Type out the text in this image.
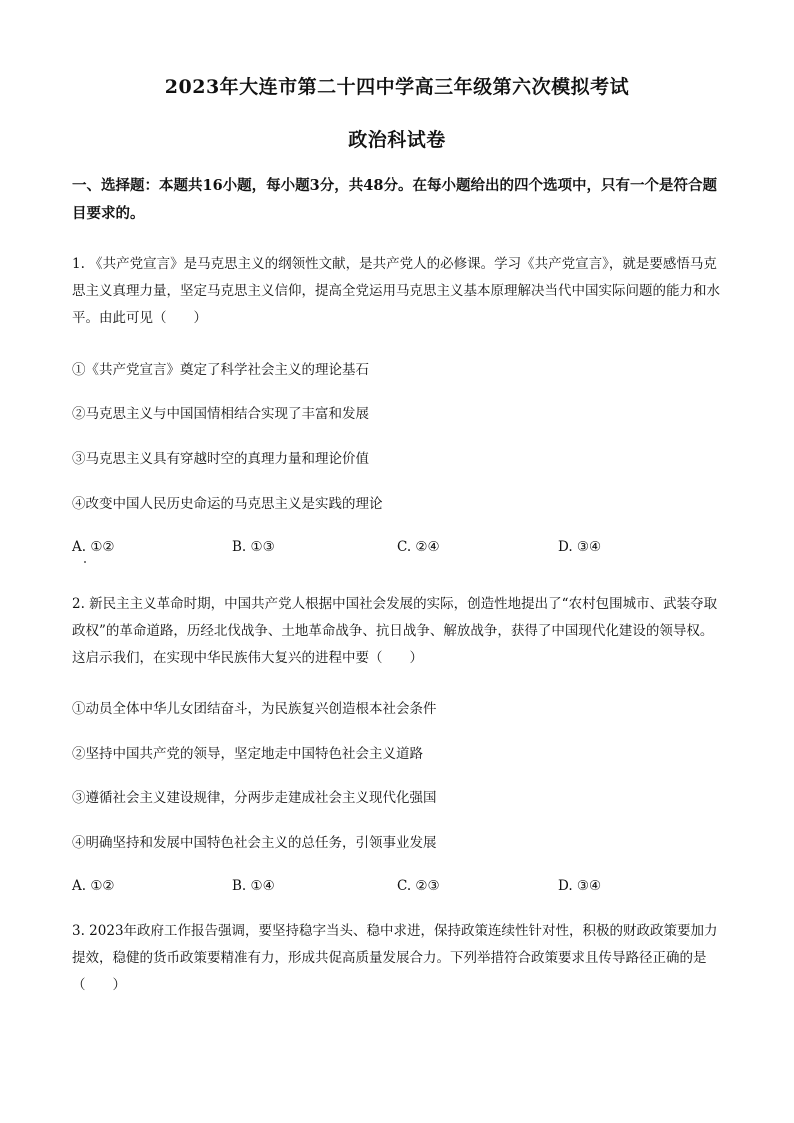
2023年大连市第二十四中学高三年级第六次模拟考试
政治科试卷
一、选择题：本题共16小题，每小题3分，共48分。在每小题给出的四个选项中，只有一个是符合题目要求的。
1. 《共产党宣言》是马克思主义的纲领性文献，是共产党人的必修课。学习《共产党宣言》，就是要感悟马克思主义真理力量，坚定马克思主义信仰，提高全党运用马克思主义基本原理解决当代中国实际问题的能力和水平。由此可见（　　）
①《共产党宣言》奠定了科学社会主义的理论基石
②马克思主义与中国国情相结合实现了丰富和发展
③马克思主义具有穿越时空的真理力量和理论价值
④改变中国人民历史命运的马克思主义是实践的理论
A. ①②	B. ①③	C. ②④	D. ③④
2. 新民主主义革命时期，中国共产党人根据中国社会发展的实际，创造性地提出了“农村包围城市、武装夺取政权”的革命道路，历经北伐战争、土地革命战争、抗日战争、解放战争，获得了中国现代化建设的领导权。这启示我们，在实现中华民族伟大复兴的进程中要（　　）
①动员全体中华儿女团结奋斗，为民族复兴创造根本社会条件
②坚持中国共产党的领导，坚定地走中国特色社会主义道路
③遵循社会主义建设规律，分两步走建成社会主义现代化强国
④明确坚持和发展中国特色社会主义的总任务，引领事业发展
A. ①②	B. ①④	C. ②③	D. ③④
3. 2023年政府工作报告强调，要坚持稳字当头、稳中求进，保持政策连续性针对性，积极的财政政策要加力提效，稳健的货币政策要精准有力，形成共促高质量发展合力。下列举措符合政策要求且传导路径正确的是（　　）
